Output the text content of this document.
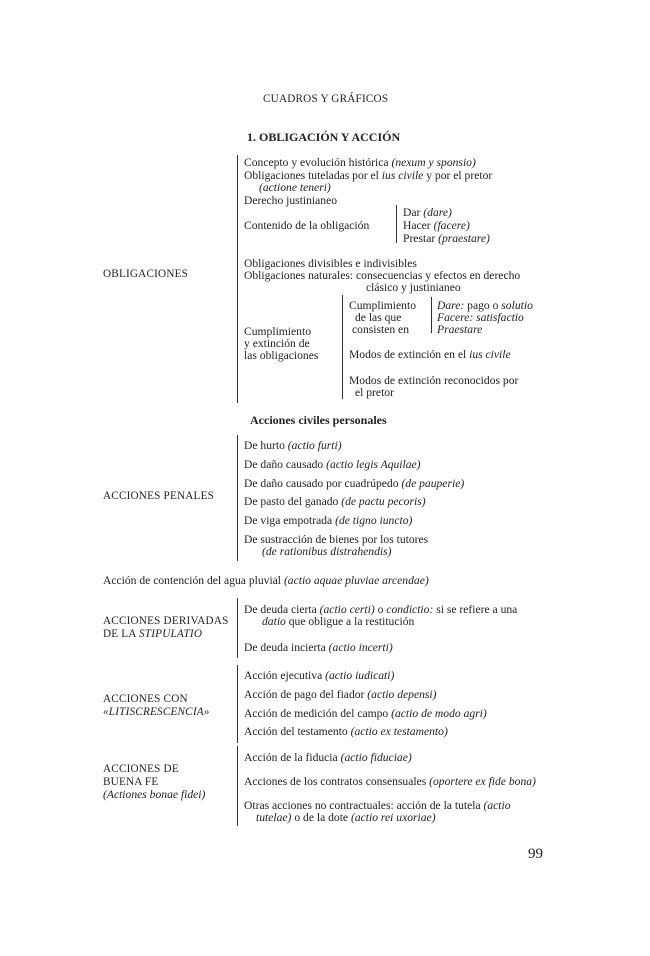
CUADROS Y GRÁFICOS
1. OBLIGACIÓN Y ACCIÓN
OBLIGACIONES
Concepto y evolución histórica (nexum y sponsio)
Obligaciones tuteladas por el ius civile y por el pretor
(actione teneri)
Derecho justinianeo
Contenido de la obligación
Dar (dare)
Hacer (facere)
Prestar (praestare)
Obligaciones divisibles e indivisibles
Obligaciones naturales: consecuencias y efectos en derecho
clásico y justinianeo
Cumplimiento
y extinción de
las obligaciones
Cumplimiento
de las que
consisten en
Dare: pago o solutio
Facere: satisfactio
Praestare
Modos de extinción en el ius civile
Modos de extinción reconocidos por
el pretor
Acciones civiles personales
ACCIONES PENALES
De hurto (actio furti)
De daño causado (actio legis Aquilae)
De daño causado por cuadrúpedo (de pauperie)
De pasto del ganado (de pactu pecoris)
De viga empotrada (de tigno iuncto)
De sustracción de bienes por los tutores
(de rationibus distrahendis)
Acción de contención del agua pluvial (actio aquae pluviae arcendae)
ACCIONES DERIVADAS
DE LA STIPULATIO
De deuda cierta (actio certi) o condictio: si se refiere a una
datio que obligue a la restitución
De deuda incierta (actio incerti)
ACCIONES CON
«LITISCRESCENCIA»
Acción ejecutiva (actio iudicati)
Acción de pago del fiador (actio depensi)
Acción de medición del campo (actio de modo agri)
Acción del testamento (actio ex testamento)
ACCIONES DE
BUENA FE
(Actiones bonae fidei)
Acción de la fiducia (actio fiduciae)
Acciones de los contratos consensuales (oportere ex fide bona)
Otras acciones no contractuales: acción de la tutela (actio
tutelae) o de la dote (actio rei uxoriae)
99
